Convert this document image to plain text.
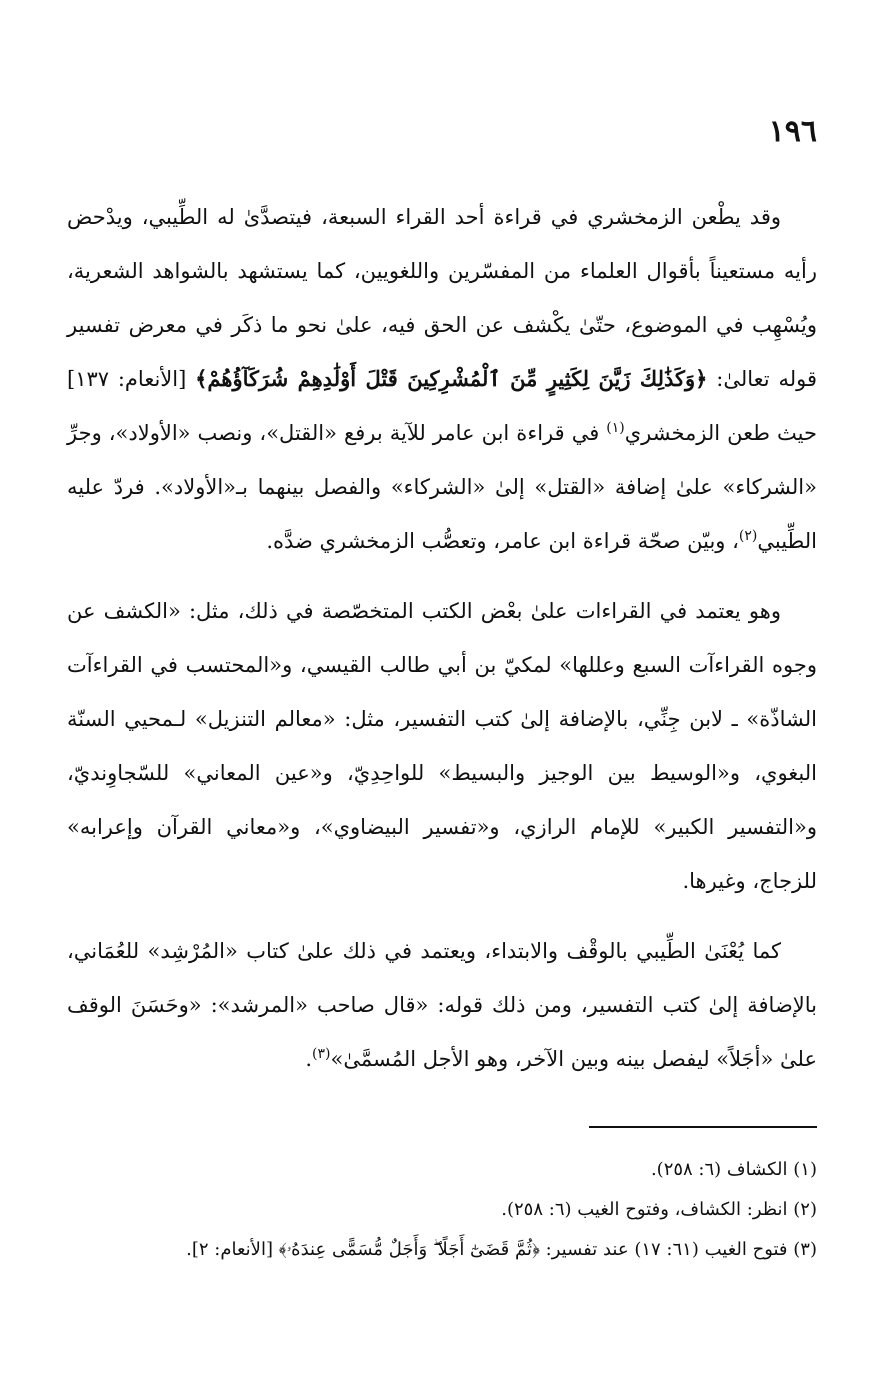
١٩٦

وقد يطْعن الزمخشري في قراءة أحد القراء السبعة، فيتصدَّىٰ له الطِّيبي، ويدْحض رأيه مستعيناً بأقوال العلماء من المفسّرين واللغويين، كما يستشهد بالشواهد الشعرية، ويُسْهِب في الموضوع، حتّىٰ يكْشف عن الحق فيه، علىٰ نحو ما ذكَر في معرض تفسير قوله تعالىٰ: ﴿وَكَذَٰلِكَ زَيَّنَ لِكَثِيرٍ مِّنَ ٱلْمُشْرِكِينَ قَتْلَ أَوْلَٰدِهِمْ شُرَكَآؤُهُمْ﴾ [الأنعام: ١٣٧] حيث طعن الزمخشري$^{(١)}$ في قراءة ابن عامر للآية برفع «القتل»، ونصب «الأولاد»، وجرِّ «الشركاء» علىٰ إضافة «القتل» إلىٰ «الشركاء» والفصل بينهما بـ«الأولاد». فردّ عليه الطِّيبي$^{(٢)}$، وبيّن صحّة قراءة ابن عامر، وتعصُّب الزمخشري ضدَّه.

وهو يعتمد في القراءات علىٰ بعْض الكتب المتخصّصة في ذلك، مثل: «الكشف عن وجوه القراءآت السبع وعللها» لمكيّ بن أبي طالب القيسي، و«المحتسب في القراءآت الشاذّة» ـ لابن جِنِّي، بالإضافة إلىٰ كتب التفسير، مثل: «معالم التنزيل» لـمحيي السنّة البغوي، و«الوسيط بين الوجيز والبسيط» للواحِدِيّ، و«عين المعاني» للسّجاوِنديّ، و«التفسير الكبير» للإمام الرازي، و«تفسير البيضاوي»، و«معاني القرآن وإعرابه» للزجاج، وغيرها.

كما يُعْنَىٰ الطِّيبي بالوقْف والابتداء، ويعتمد في ذلك علىٰ كتاب «المُرْشِد» للعُمَاني، بالإضافة إلىٰ كتب التفسير، ومن ذلك قوله: «قال صاحب «المرشد»: «وحَسَنَ الوقف علىٰ «أجَلاً» ليفصل بينه وبين الآخر، وهو الأجل المُسمَّىٰ»$^{(٣)}$.

(١) الكشاف (٦: ٢٥٨).

(٢) انظر: الكشاف، وفتوح الغيب (٦: ٢٥٨).

(٣) فتوح الغيب (٦١: ١٧) عند تفسير: ﴿ثُمَّ قَضَىٰٓ أَجَلًا ۖ وَأَجَلٌ مُّسَمًّى عِندَهُۥ﴾ [الأنعام: ٢].
